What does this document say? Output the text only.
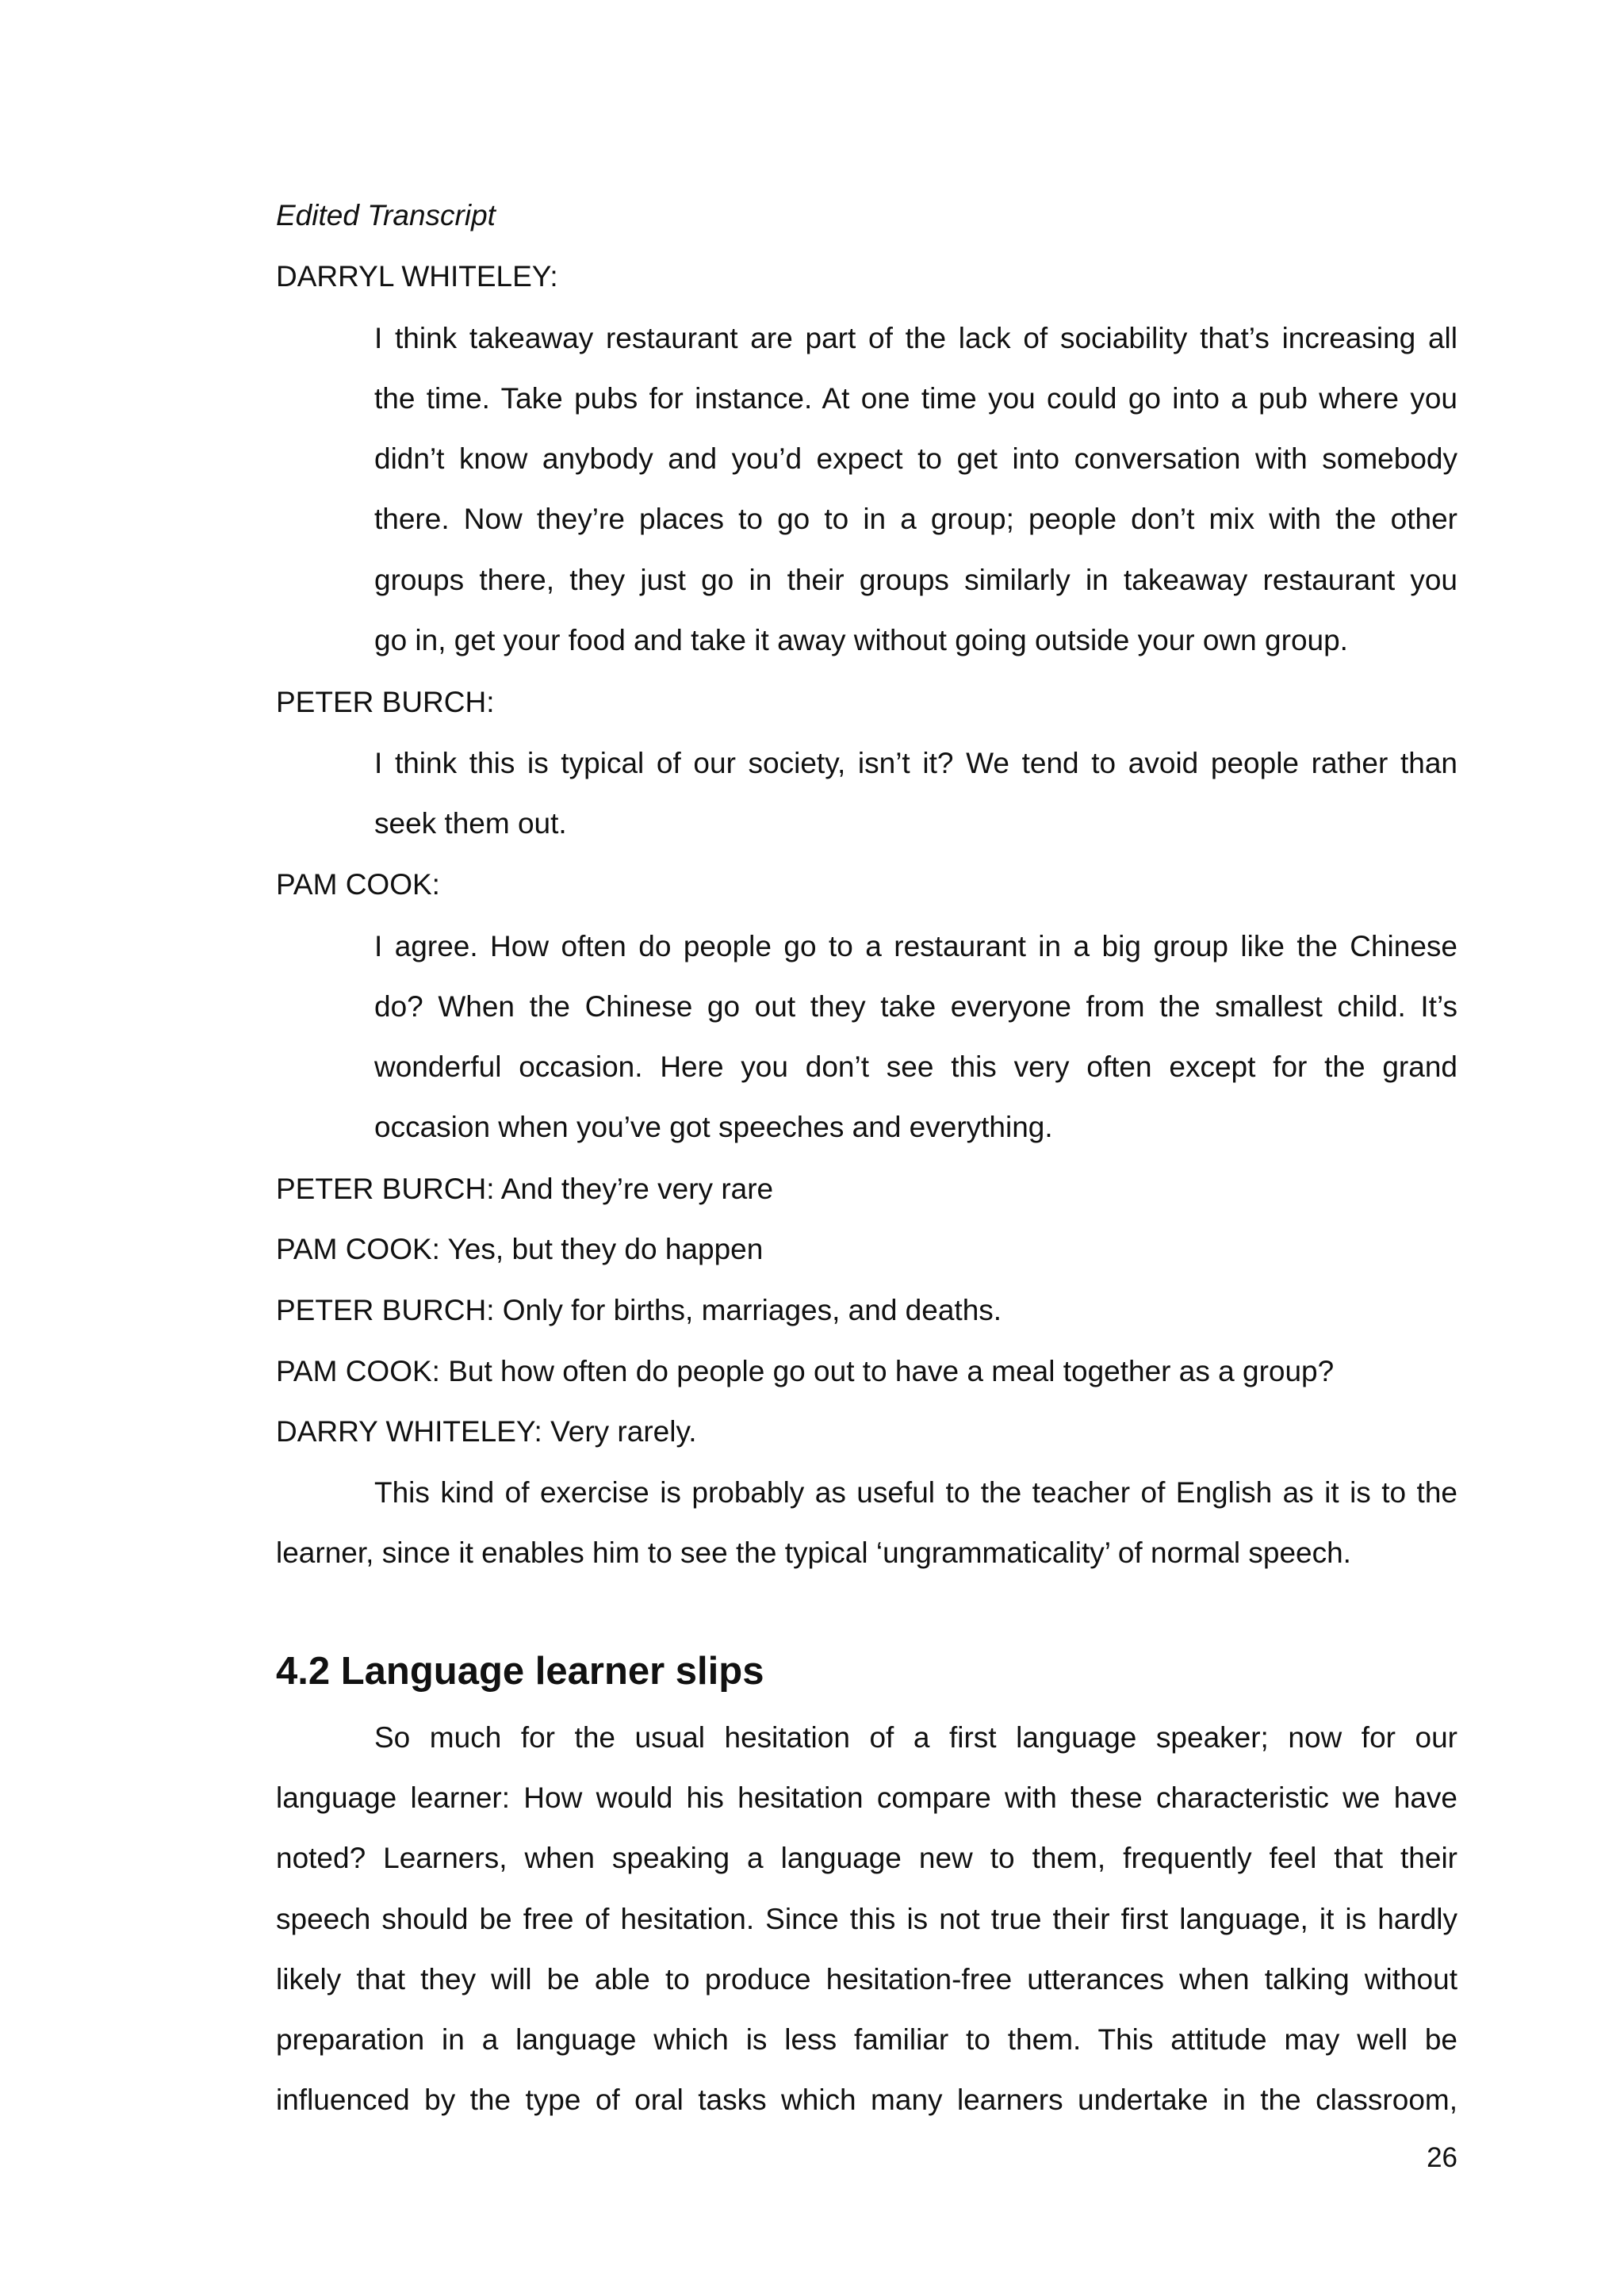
Edited Transcript
DARRYL WHITELEY:
I think takeaway restaurant are part of the lack of sociability that’s increasing all
the time. Take pubs for instance. At one time you could go into a pub where you
didn’t know anybody and you’d expect to get into conversation with somebody
there. Now they’re places to go to in a group; people don’t mix with the other
groups there, they just go in their groups similarly in takeaway restaurant you
go in, get your food and take it away without going outside your own group.
PETER BURCH:
I think this is typical of our society, isn’t it? We tend to avoid people rather than
seek them out.
PAM COOK:
I agree. How often do people go to a restaurant in a big group like the Chinese
do? When the Chinese go out they take everyone from the smallest child. It’s
wonderful occasion. Here you don’t see this very often except for the grand
occasion when you’ve got speeches and everything.
PETER BURCH: And they’re very rare
PAM COOK: Yes, but they do happen
PETER BURCH: Only for births, marriages, and deaths.
PAM COOK: But how often do people go out to have a meal together as a group?
DARRY WHITELEY: Very rarely.
This kind of exercise is probably as useful to the teacher of English as it is to the
learner, since it enables him to see the typical ‘ungrammaticality’ of normal speech.
4.2 Language learner slips
So much for the usual hesitation of a first language speaker; now for our
language learner: How would his hesitation compare with these characteristic we have
noted? Learners, when speaking a language new to them, frequently feel that their
speech should be free of hesitation. Since this is not true their first language, it is hardly
likely that they will be able to produce hesitation-free utterances when talking without
preparation in a language which is less familiar to them. This attitude may well be
influenced by the type of oral tasks which many learners undertake in the classroom,
26
